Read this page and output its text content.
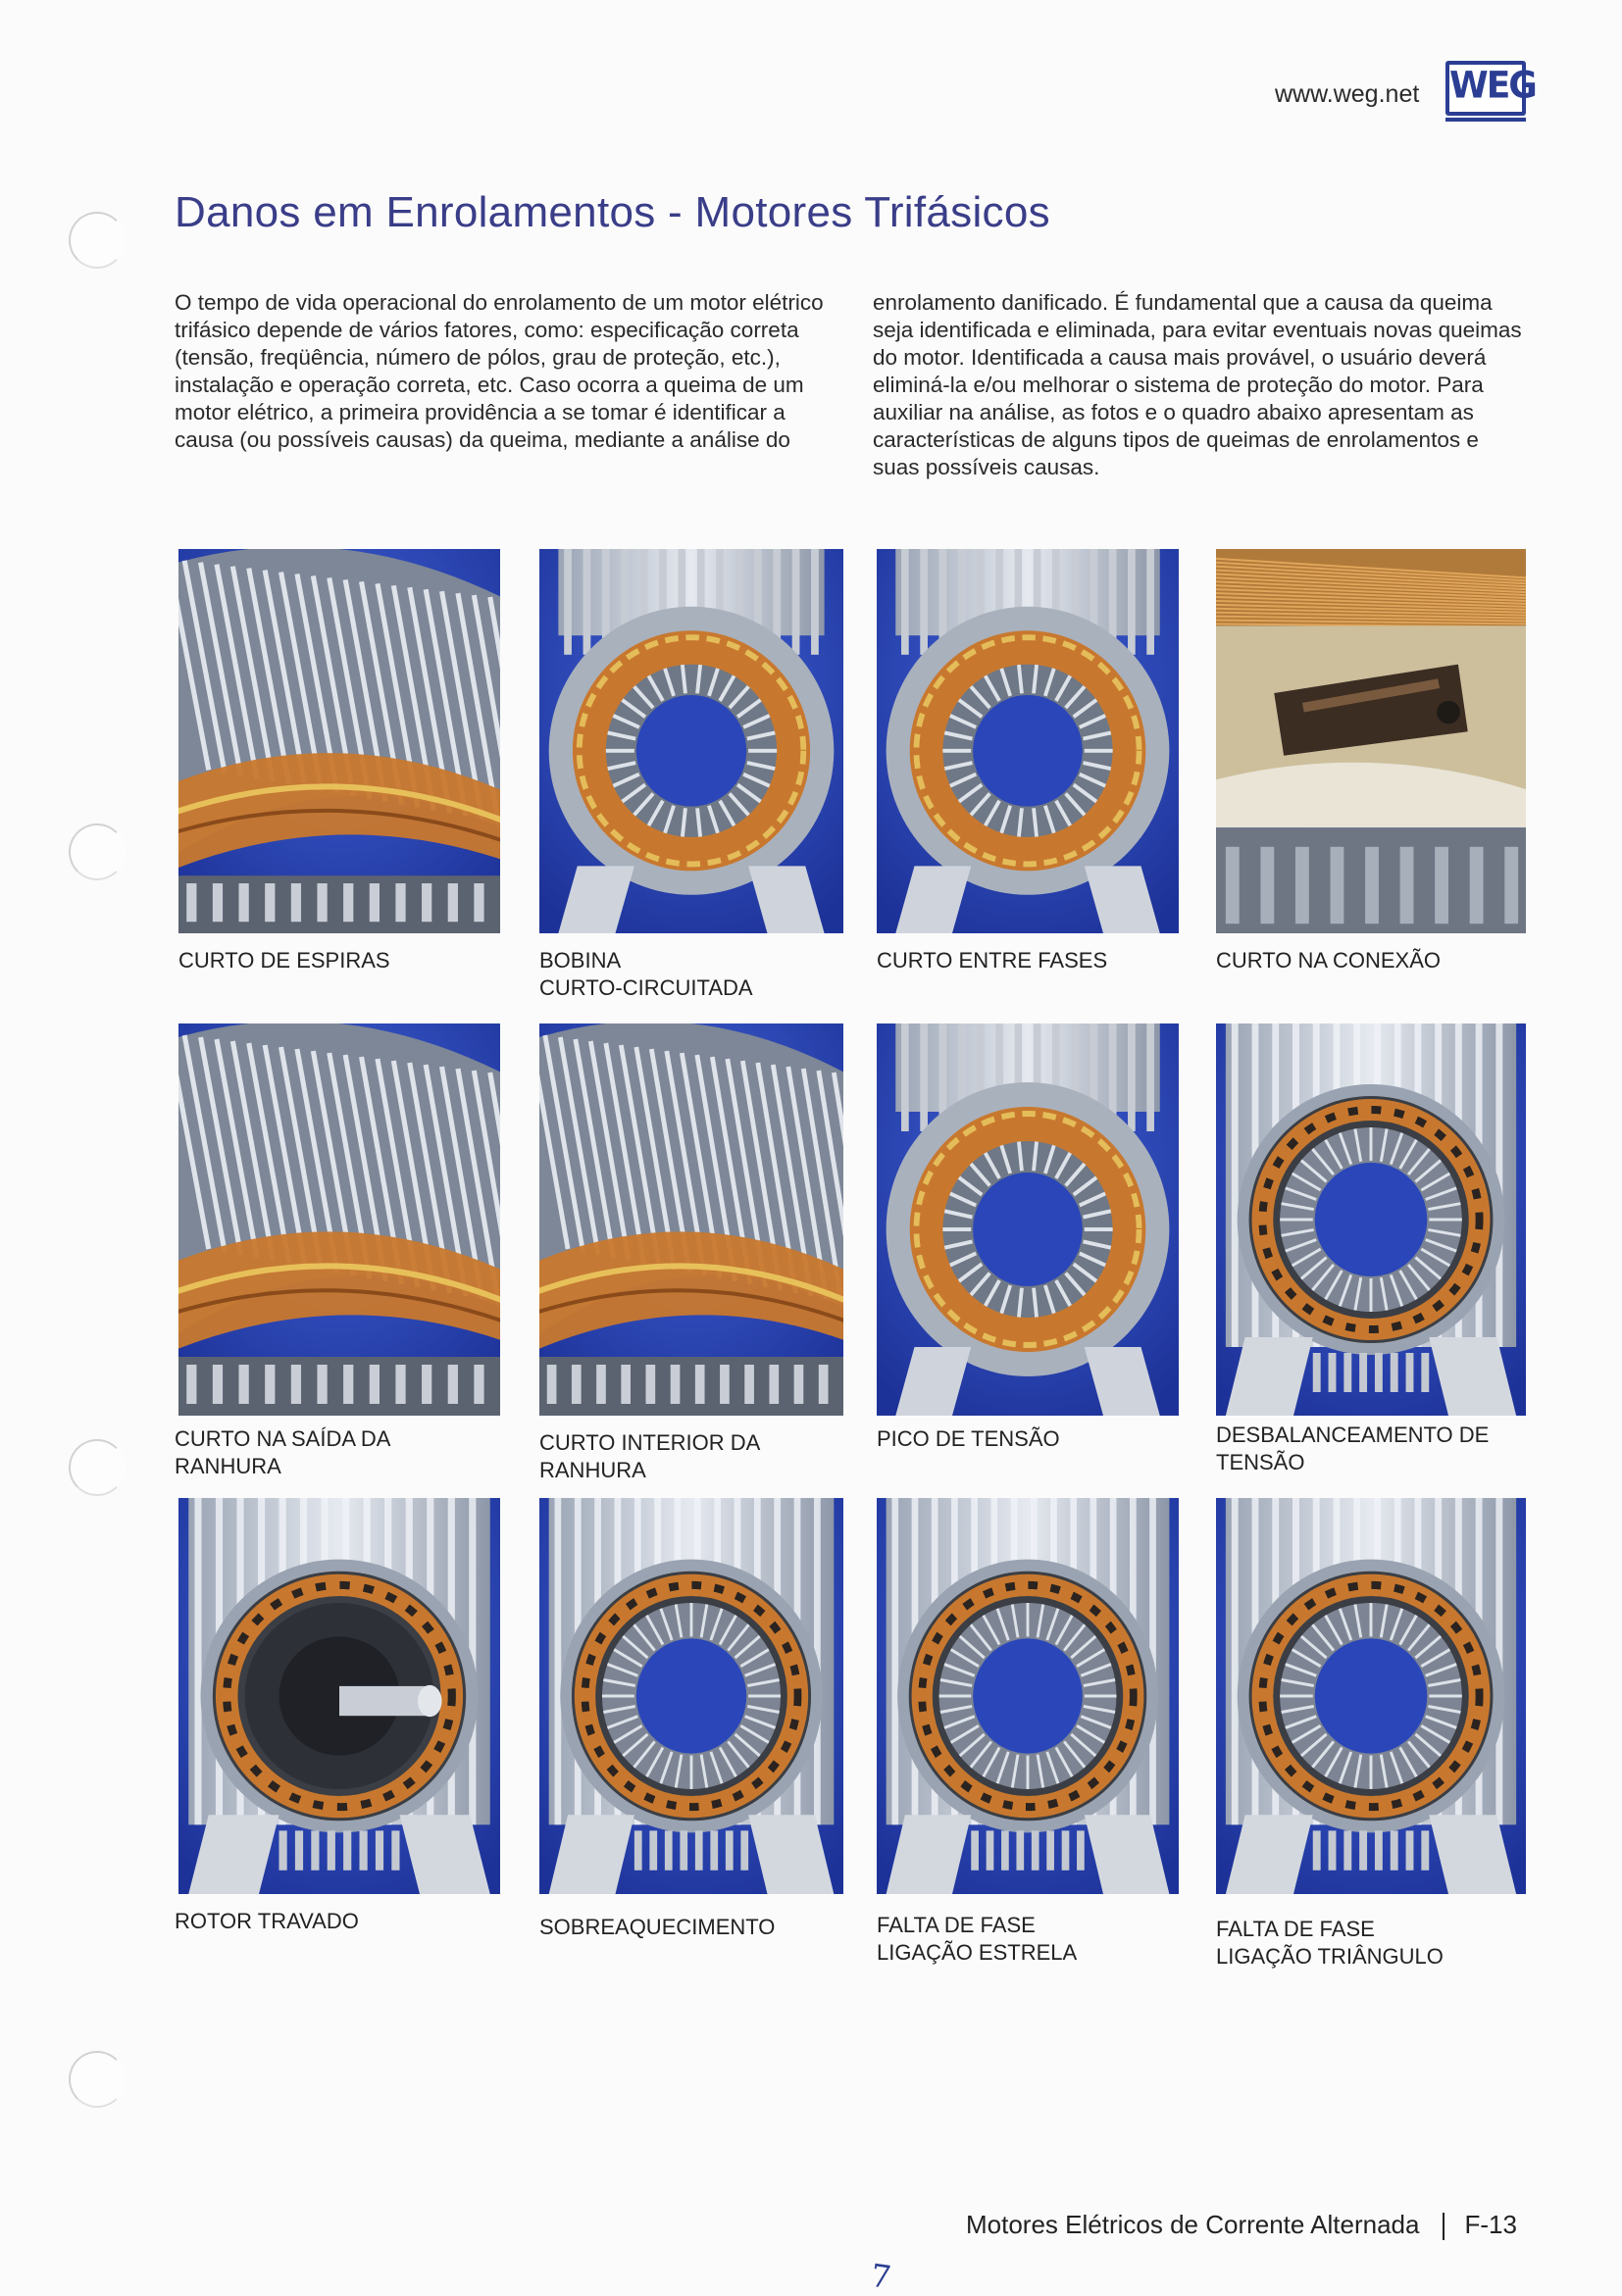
www.weg.net WEG
Danos em Enrolamentos - Motores Trifásicos

O tempo de vida operacional do enrolamento de um motor elétrico trifásico depende de vários fatores, como: especificação correta (tensão, freqüência, número de pólos, grau de proteção, etc.), instalação e operação correta, etc. Caso ocorra a queima de um motor elétrico, a primeira providência a se tomar é identificar a causa (ou possíveis causas) da queima, mediante a análise do

enrolamento danificado. É fundamental que a causa da queima seja identificada e eliminada, para evitar eventuais novas queimas do motor. Identificada a causa mais provável, o usuário deverá eliminá-la e/ou melhorar o sistema de proteção do motor. Para auxiliar na análise, as fotos e o quadro abaixo apresentam as características de alguns tipos de queimas de enrolamentos e suas possíveis causas.

CURTO DE ESPIRAS	BOBINA
CURTO-CIRCUITADA
CURTO ENTRE FASES	CURTO NA CONEXÃO
CURTO NA SAÍDA DA
RANHURA
CURTO INTERIOR DA
RANHURA
PICO DE TENSÃO	DESBALANCEAMENTO DE
TENSÃO
ROTOR TRAVADO	SOBREAQUECIMENTO	FALTA DE FASE
LIGAÇÃO ESTRELA
FALTA DE FASE
LIGAÇÃO TRIÂNGULO
Motores Elétricos de Corrente Alternada F-13
7
